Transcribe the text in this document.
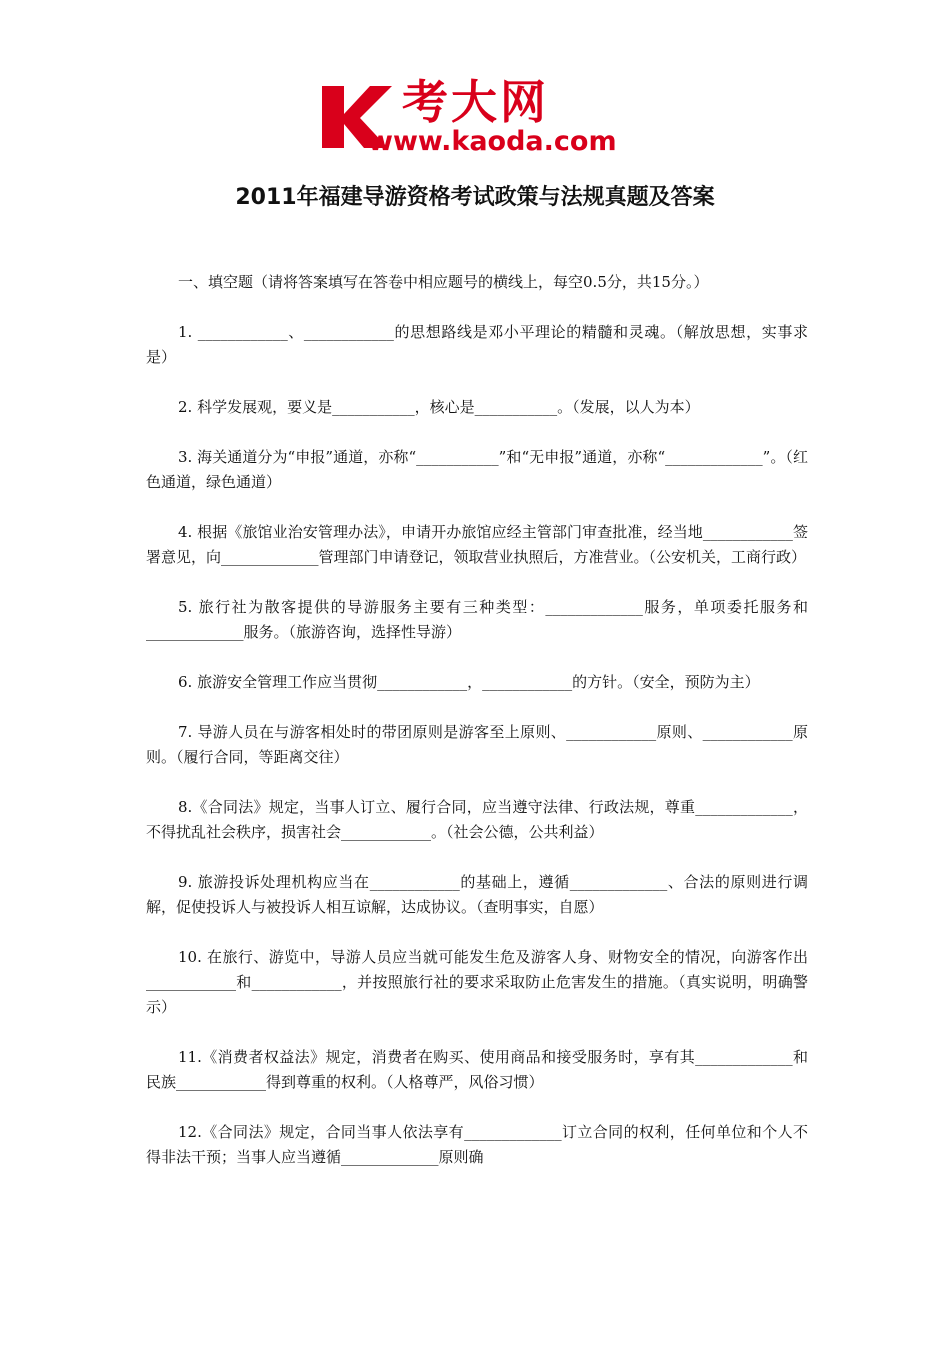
考大网
www.kaoda.com
2011年福建导游资格考试政策与法规真题及答案

一、填空题（请将答案填写在答卷中相应题号的横线上，每空0.5分，共15分。）

1. ____________、____________的思想路线是邓小平理论的精髓和灵魂。（解放思想，实事求是）

2. 科学发展观，要义是___________，核心是___________。（发展，以人为本）

3. 海关通道分为“申报”通道，亦称“___________”和“无申报”通道，亦称“_____________”。（红色通道，绿色通道）

4. 根据《旅馆业治安管理办法》，申请开办旅馆应经主管部门审查批准，经当地____________签署意见，向_____________管理部门申请登记，领取营业执照后，方准营业。（公安机关，工商行政）

5. 旅行社为散客提供的导游服务主要有三种类型：_____________服务，单项委托服务和_____________服务。（旅游咨询，选择性导游）

6. 旅游安全管理工作应当贯彻____________，____________的方针。（安全，预防为主）

7. 导游人员在与游客相处时的带团原则是游客至上原则、____________原则、____________原则。（履行合同，等距离交往）

8.《合同法》规定，当事人订立、履行合同，应当遵守法律、行政法规，尊重_____________，不得扰乱社会秩序，损害社会____________。（社会公德，公共利益）

9. 旅游投诉处理机构应当在____________的基础上，遵循_____________、合法的原则进行调解，促使投诉人与被投诉人相互谅解，达成协议。（查明事实，自愿）

10. 在旅行、游览中，导游人员应当就可能发生危及游客人身、财物安全的情况，向游客作出____________和____________，并按照旅行社的要求采取防止危害发生的措施。（真实说明，明确警示）

11.《消费者权益法》规定，消费者在购买、使用商品和接受服务时，享有其_____________和民族____________得到尊重的权利。（人格尊严，风俗习惯）

12.《合同法》规定，合同当事人依法享有_____________订立合同的权利，任何单位和个人不得非法干预；当事人应当遵循_____________原则确
